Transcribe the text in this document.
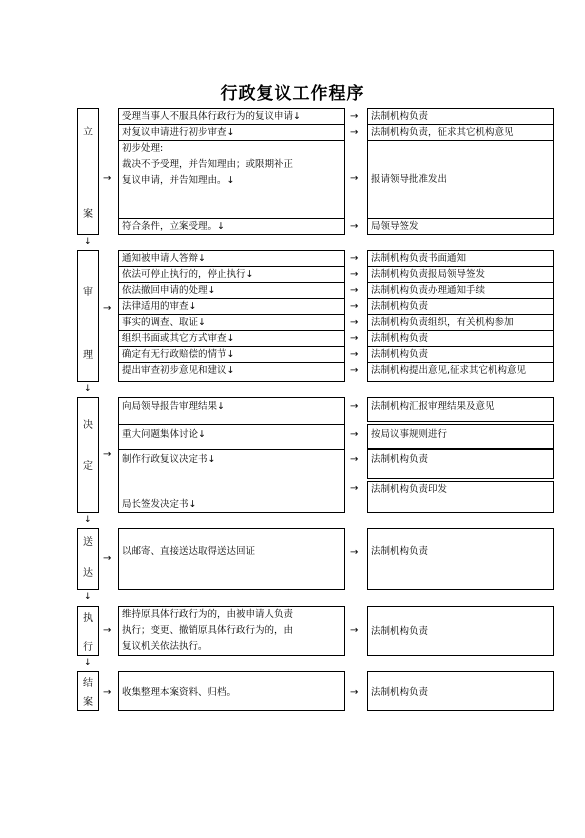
行政复议工作程序
立
案
→
受理当事人不服具体行政行为的复议申请↓
对复议申请进行初步审查↓
初步处理:
裁决不予受理，并告知理由；或限期补正
复议申请，并告知理由。↓
符合条件，立案受理。↓
→
→
→
→
法制机构负责
法制机构负责，征求其它机构意见
报请领导批准发出
局领导签发
↓
审
理
→
通知被申请人答辩↓
依法可停止执行的，停止执行↓
依法撤回申请的处理↓
法律适用的审查↓
事实的调查、取证↓
组织书面或其它方式审查↓
确定有无行政赔偿的情节↓
提出审查初步意见和建议↓
→
→
→
→
→
→
→
→
法制机构负责书面通知
法制机构负责报局领导签发
法制机构负责办理通知手续
法制机构负责
法制机构负责组织，有关机构参加
法制机构负责
法制机构负责
法制机构提出意见,征求其它机构意见
↓
决
定
→
向局领导报告审理结果↓
重大问题集体讨论↓
制作行政复议决定书↓
局长签发决定书↓
→
→
→
→
法制机构汇报审理结果及意见
按局议事规则进行
法制机构负责
法制机构负责印发
↓
送
达
→
以邮寄、直接送达取得送达回证	→ 法制机构负责
↓
执
行
→
维持原具体行政行为的，由被申请人负责
执行；变更、撤销原具体行政行为的，由
复议机关依法执行。
→ 法制机构负责
↓
结
案
→ 收集整理本案资料、归档。	→ 法制机构负责
